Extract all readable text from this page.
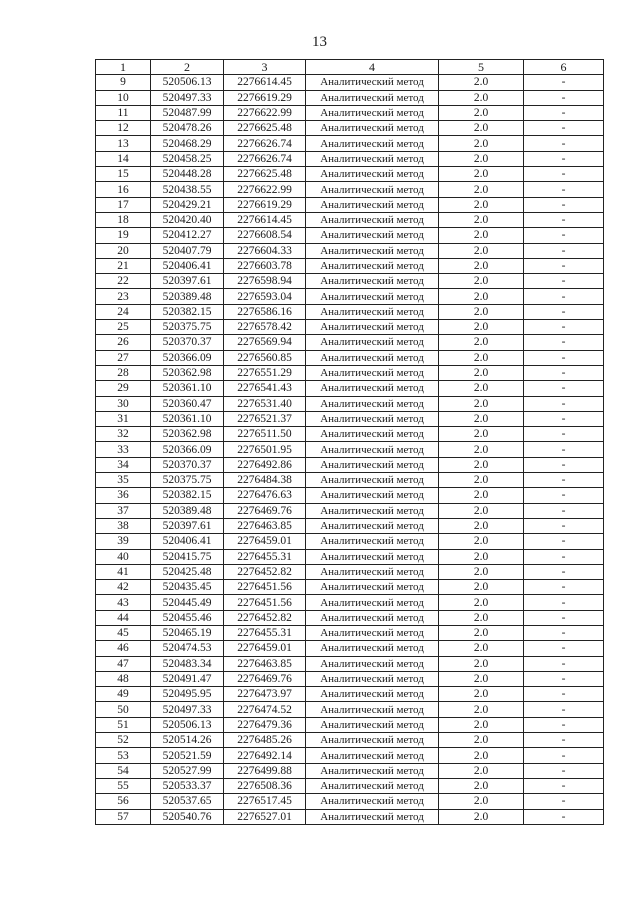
13
1	2	3	4	5	6
9	520506.13	2276614.45	Аналитический метод	2.0	-
10	520497.33	2276619.29	Аналитический метод	2.0	-
11	520487.99	2276622.99	Аналитический метод	2.0	-
12	520478.26	2276625.48	Аналитический метод	2.0	-
13	520468.29	2276626.74	Аналитический метод	2.0	-
14	520458.25	2276626.74	Аналитический метод	2.0	-
15	520448.28	2276625.48	Аналитический метод	2.0	-
16	520438.55	2276622.99	Аналитический метод	2.0	-
17	520429.21	2276619.29	Аналитический метод	2.0	-
18	520420.40	2276614.45	Аналитический метод	2.0	-
19	520412.27	2276608.54	Аналитический метод	2.0	-
20	520407.79	2276604.33	Аналитический метод	2.0	-
21	520406.41	2276603.78	Аналитический метод	2.0	-
22	520397.61	2276598.94	Аналитический метод	2.0	-
23	520389.48	2276593.04	Аналитический метод	2.0	-
24	520382.15	2276586.16	Аналитический метод	2.0	-
25	520375.75	2276578.42	Аналитический метод	2.0	-
26	520370.37	2276569.94	Аналитический метод	2.0	-
27	520366.09	2276560.85	Аналитический метод	2.0	-
28	520362.98	2276551.29	Аналитический метод	2.0	-
29	520361.10	2276541.43	Аналитический метод	2.0	-
30	520360.47	2276531.40	Аналитический метод	2.0	-
31	520361.10	2276521.37	Аналитический метод	2.0	-
32	520362.98	2276511.50	Аналитический метод	2.0	-
33	520366.09	2276501.95	Аналитический метод	2.0	-
34	520370.37	2276492.86	Аналитический метод	2.0	-
35	520375.75	2276484.38	Аналитический метод	2.0	-
36	520382.15	2276476.63	Аналитический метод	2.0	-
37	520389.48	2276469.76	Аналитический метод	2.0	-
38	520397.61	2276463.85	Аналитический метод	2.0	-
39	520406.41	2276459.01	Аналитический метод	2.0	-
40	520415.75	2276455.31	Аналитический метод	2.0	-
41	520425.48	2276452.82	Аналитический метод	2.0	-
42	520435.45	2276451.56	Аналитический метод	2.0	-
43	520445.49	2276451.56	Аналитический метод	2.0	-
44	520455.46	2276452.82	Аналитический метод	2.0	-
45	520465.19	2276455.31	Аналитический метод	2.0	-
46	520474.53	2276459.01	Аналитический метод	2.0	-
47	520483.34	2276463.85	Аналитический метод	2.0	-
48	520491.47	2276469.76	Аналитический метод	2.0	-
49	520495.95	2276473.97	Аналитический метод	2.0	-
50	520497.33	2276474.52	Аналитический метод	2.0	-
51	520506.13	2276479.36	Аналитический метод	2.0	-
52	520514.26	2276485.26	Аналитический метод	2.0	-
53	520521.59	2276492.14	Аналитический метод	2.0	-
54	520527.99	2276499.88	Аналитический метод	2.0	-
55	520533.37	2276508.36	Аналитический метод	2.0	-
56	520537.65	2276517.45	Аналитический метод	2.0	-
57	520540.76	2276527.01	Аналитический метод	2.0	-
